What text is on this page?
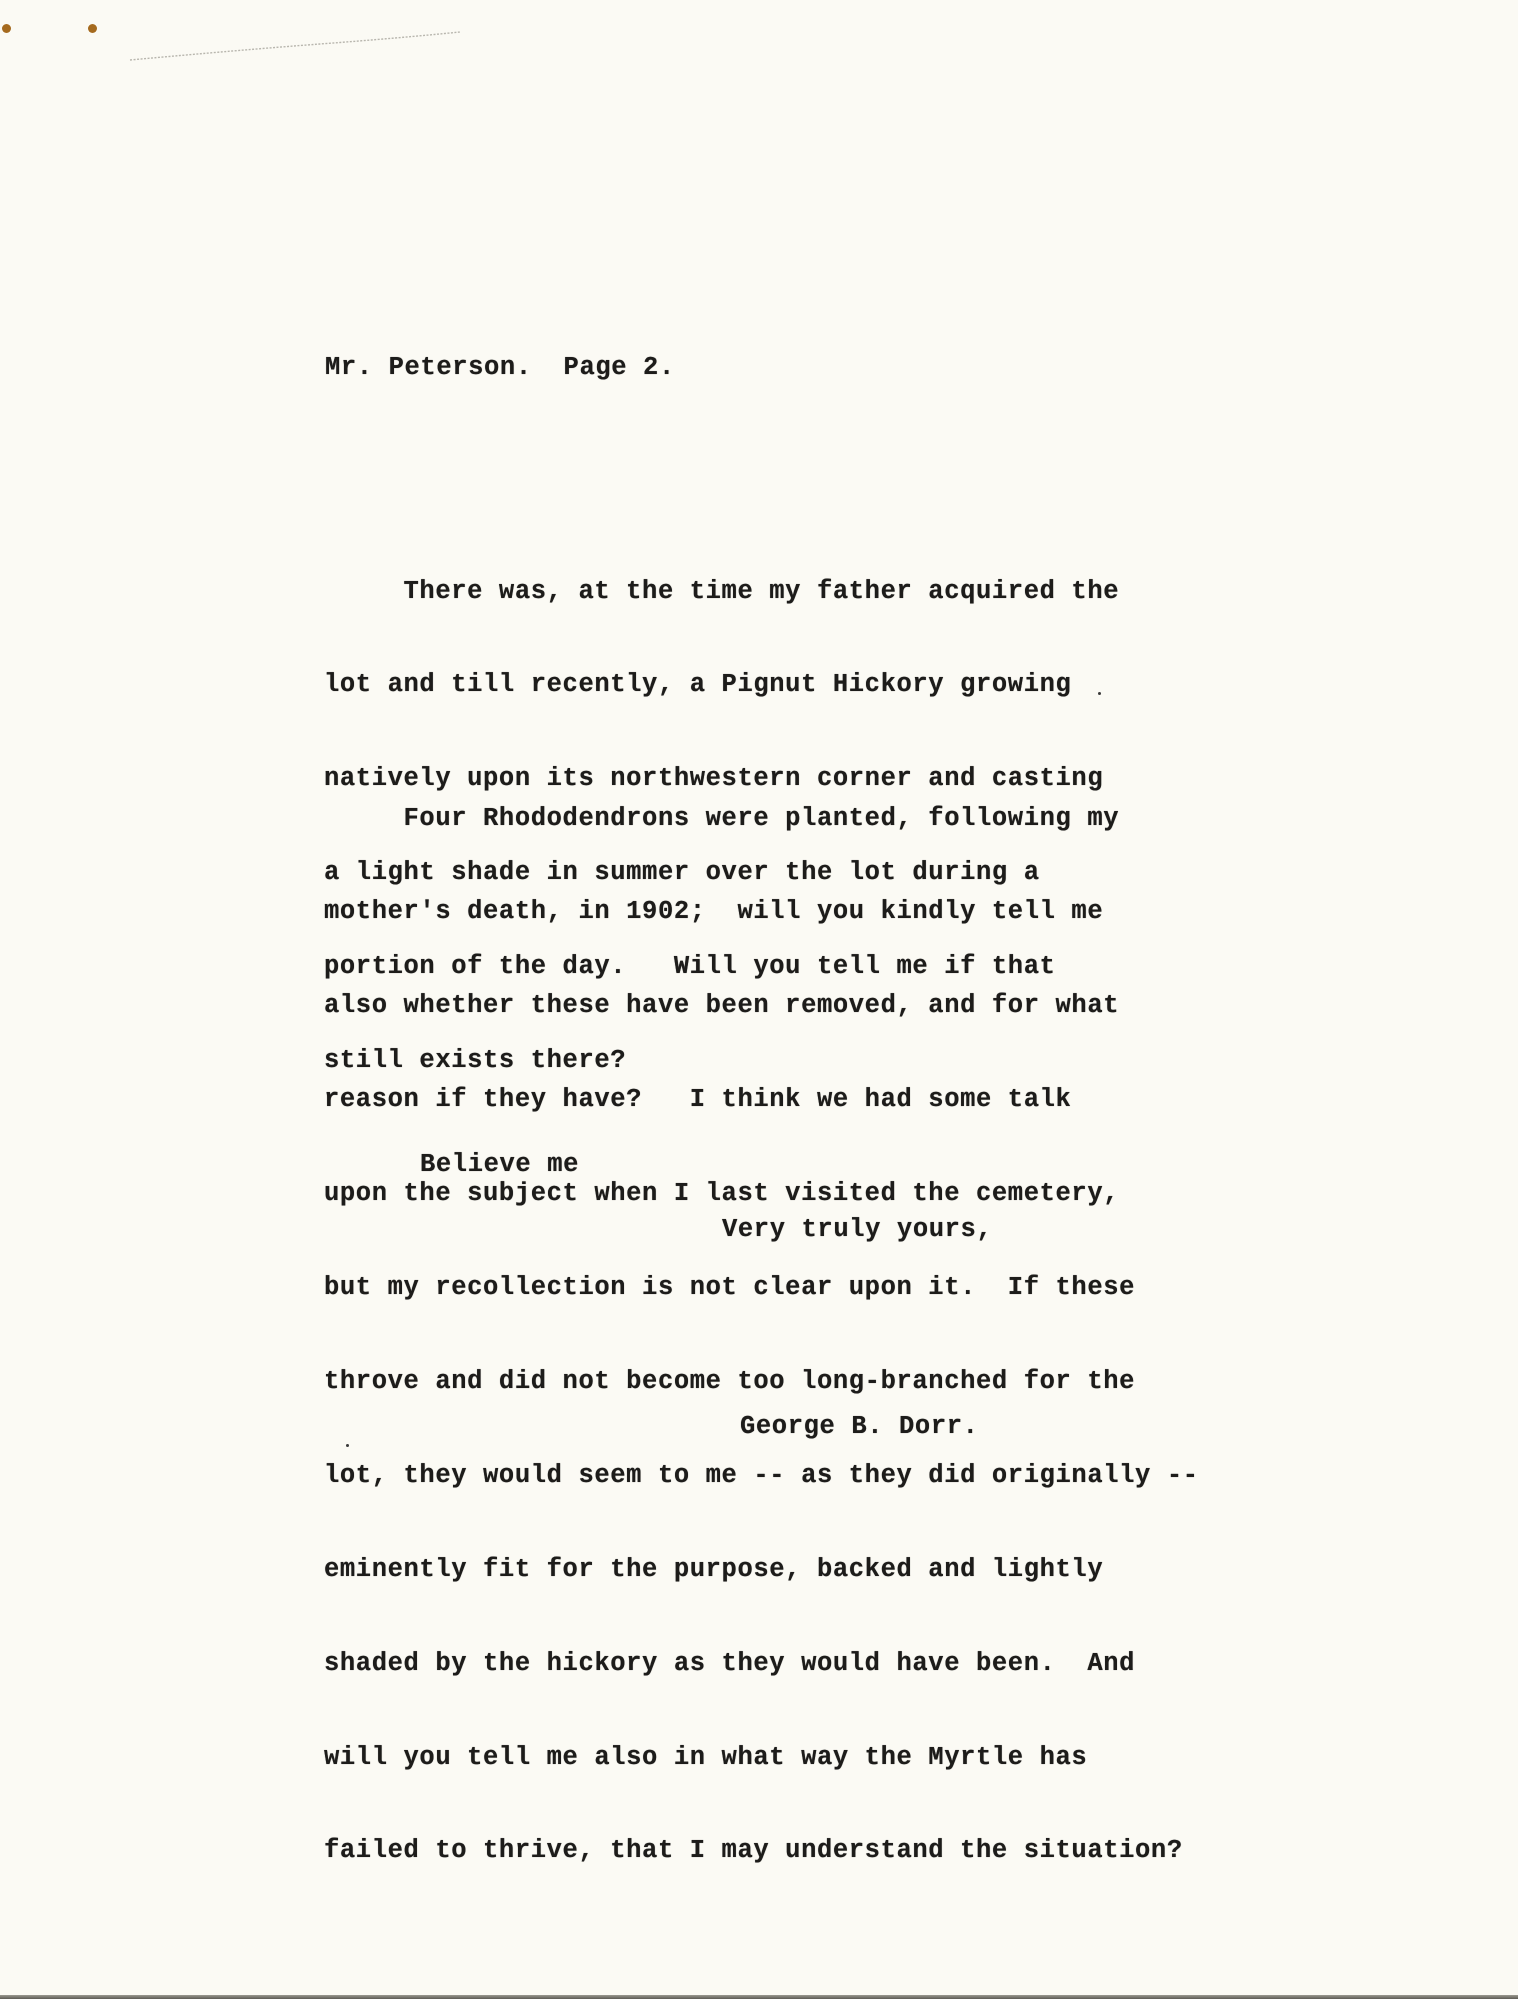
Mr. Peterson.  Page 2.

There was, at the time my father acquired the

lot and till recently, a Pignut Hickory growing

natively upon its northwestern corner and casting

a light shade in summer over the lot during a

portion of the day.   Will you tell me if that

still exists there?

Four Rhododendrons were planted, following my

mother's death, in 1902;  will you kindly tell me

also whether these have been removed, and for what

reason if they have?   I think we had some talk

upon the subject when I last visited the cemetery,

but my recollection is not clear upon it.  If these

throve and did not become too long-branched for the

lot, they would seem to me -- as they did originally --

eminently fit for the purpose, backed and lightly

shaded by the hickory as they would have been.  And

will you tell me also in what way the Myrtle has

failed to thrive, that I may understand the situation?

Believe me
Very truly yours,
George B. Dorr.
